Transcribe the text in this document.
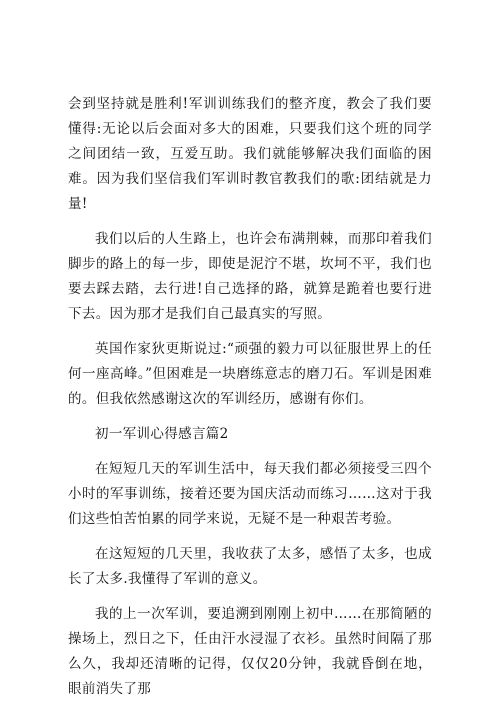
会到坚持就是胜利!军训训练我们的整齐度，教会了我们要懂得:无论以后会面对多大的困难，只要我们这个班的同学之间团结一致，互爱互助。我们就能够解决我们面临的困难。因为我们坚信我们军训时教官教我们的歌:团结就是力量!

我们以后的人生路上，也许会布满荆棘，而那印着我们脚步的路上的每一步，即使是泥泞不堪，坎坷不平，我们也要去踩去踏，去行进!自己选择的路，就算是跪着也要行进下去。因为那才是我们自己最真实的写照。

英国作家狄更斯说过:“顽强的毅力可以征服世界上的任何一座高峰。”但困难是一块磨练意志的磨刀石。军训是困难的。但我依然感谢这次的军训经历，感谢有你们。

初一军训心得感言篇2

在短短几天的军训生活中，每天我们都必须接受三四个小时的军事训练，接着还要为国庆活动而练习……这对于我们这些怕苦怕累的同学来说，无疑不是一种艰苦考验。

在这短短的几天里，我收获了太多，感悟了太多，也成长了太多.我懂得了军训的意义。

我的上一次军训，要追溯到刚刚上初中……在那简陋的操场上，烈日之下，任由汗水浸湿了衣衫。虽然时间隔了那么久，我却还清晰的记得，仅仅20分钟，我就昏倒在地，眼前消失了那
